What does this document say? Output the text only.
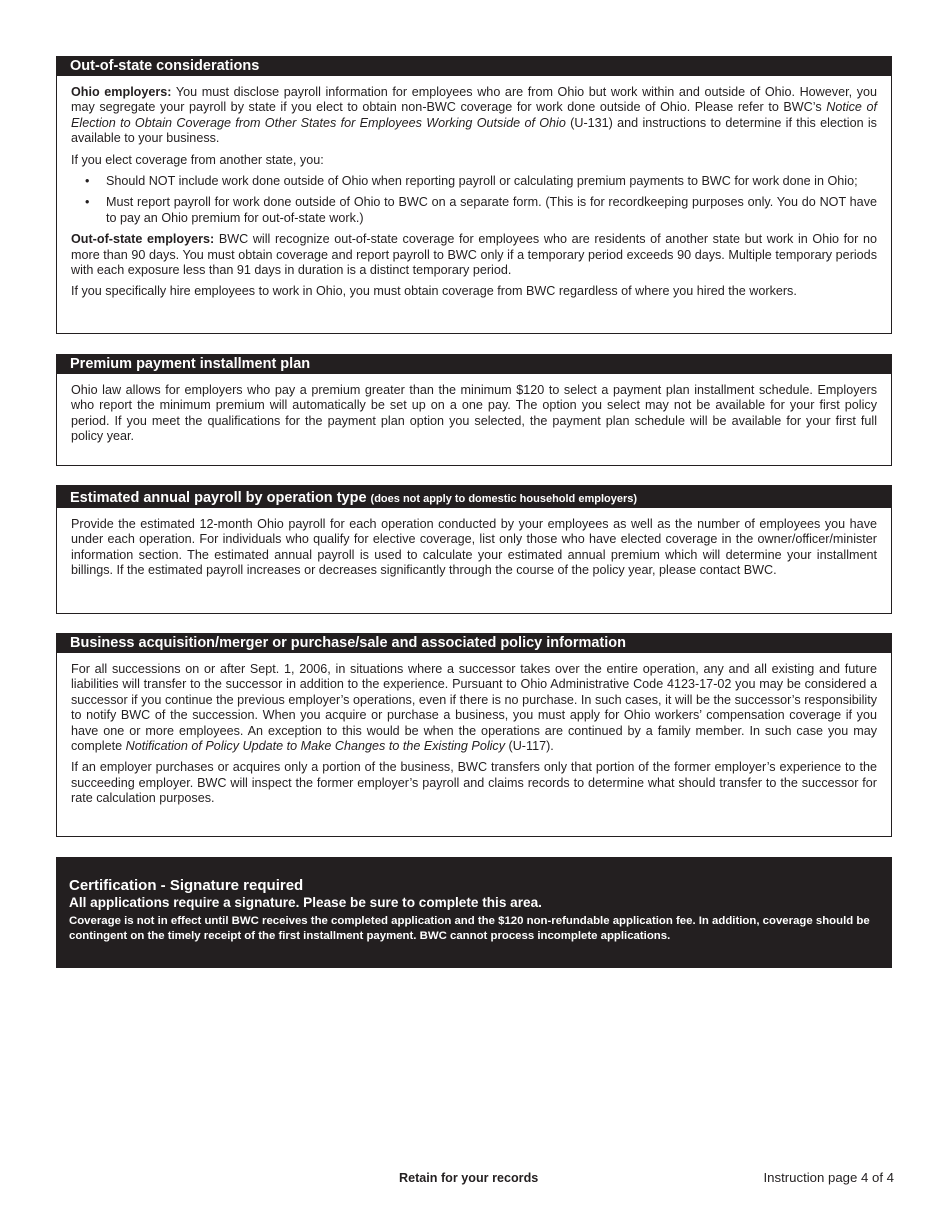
Out-of-state considerations

Ohio employers: You must disclose payroll information for employees who are from Ohio but work within and outside of Ohio. However, you may segregate your payroll by state if you elect to obtain non-BWC coverage for work done outside of Ohio. Please refer to BWC’s Notice of Election to Obtain Coverage from Other States for Employees Working Outside of Ohio (U-131) and instructions to determine if this election is available to your business.

If you elect coverage from another state, you:

• Should NOT include work done outside of Ohio when reporting payroll or calculating premium payments to BWC for work done in Ohio;
• Must report payroll for work done outside of Ohio to BWC on a separate form. (This is for recordkeeping purposes only. You do NOT have to pay an Ohio premium for out-of-state work.)

Out-of-state employers: BWC will recognize out-of-state coverage for employees who are residents of another state but work in Ohio for no more than 90 days. You must obtain coverage and report payroll to BWC only if a temporary period exceeds 90 days. Multiple temporary periods with each exposure less than 91 days in duration is a distinct temporary period.

If you specifically hire employees to work in Ohio, you must obtain coverage from BWC regardless of where you hired the workers.

Premium payment installment plan

Ohio law allows for employers who pay a premium greater than the minimum $120 to select a payment plan installment schedule. Employers who report the minimum premium will automatically be set up on a one pay. The option you select may not be available for your first policy period. If you meet the qualifications for the payment plan option you selected, the payment plan schedule will be available for your first full policy year.

Estimated annual payroll by operation type (does not apply to domestic household employers)

Provide the estimated 12-month Ohio payroll for each operation conducted by your employees as well as the number of employees you have under each operation. For individuals who qualify for elective coverage, list only those who have elected coverage in the owner/officer/minister information section. The estimated annual payroll is used to calculate your estimated annual premium which will determine your installment billings. If the estimated payroll increases or decreases significantly through the course of the policy year, please contact BWC.

Business acquisition/merger or purchase/sale and associated policy information

For all successions on or after Sept. 1, 2006, in situations where a successor takes over the entire operation, any and all existing and future liabilities will transfer to the successor in addition to the experience. Pursuant to Ohio Administrative Code 4123-17-02 you may be considered a successor if you continue the previous employer’s operations, even if there is no purchase. In such cases, it will be the successor’s responsibility to notify BWC of the succession. When you acquire or purchase a business, you must apply for Ohio workers’ compensation coverage if you have one or more employees. An exception to this would be when the operations are continued by a family member. In such case you may complete Notification of Policy Update to Make Changes to the Existing Policy (U-117).

If an employer purchases or acquires only a portion of the business, BWC transfers only that portion of the former employer’s experience to the succeeding employer. BWC will inspect the former employer’s payroll and claims records to determine what should transfer to the successor for rate calculation purposes.

Certification - Signature required
All applications require a signature. Please be sure to complete this area.
Coverage is not in effect until BWC receives the completed application and the $120 non-refundable application fee. In addition, coverage should be contingent on the timely receipt of the first installment payment. BWC cannot process incomplete applications.
Retain for your records	Instruction page 4 of 4
